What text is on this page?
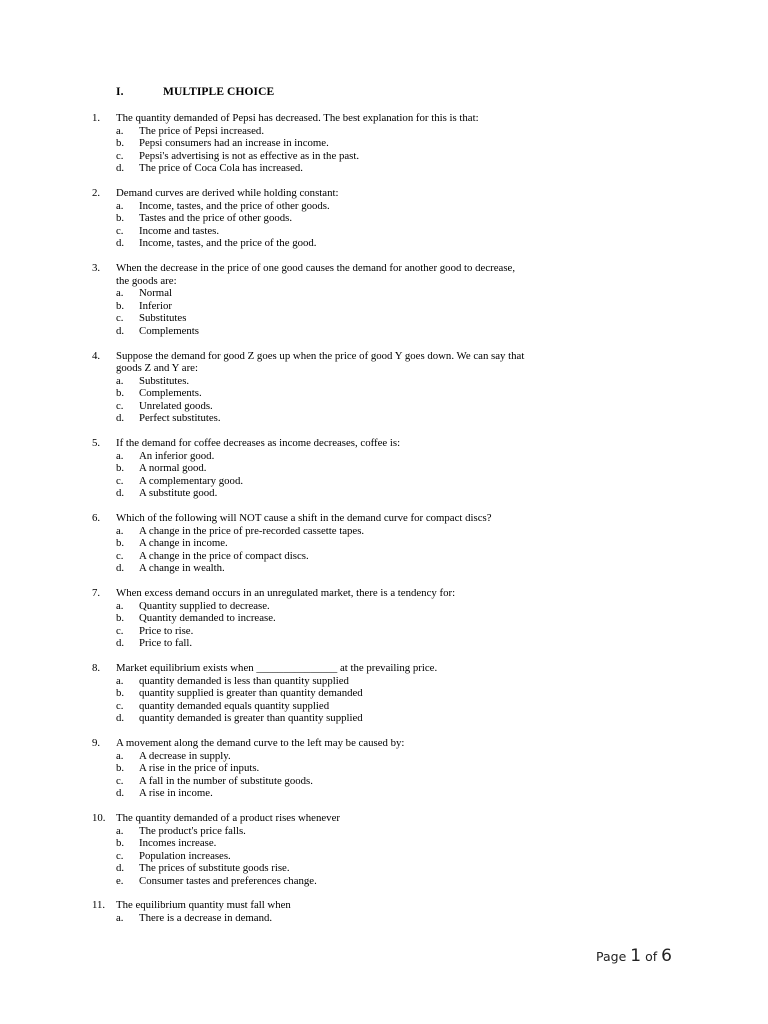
I.	MULTIPLE CHOICE
1. The quantity demanded of Pepsi has decreased. The best explanation for this is that:
a. The price of Pepsi increased.
b. Pepsi consumers had an increase in income.
c. Pepsi's advertising is not as effective as in the past.
d. The price of Coca Cola has increased.
2. Demand curves are derived while holding constant:
a. Income, tastes, and the price of other goods.
b. Tastes and the price of other goods.
c. Income and tastes.
d. Income, tastes, and the price of the good.
3. When the decrease in the price of one good causes the demand for another good to decrease, the goods are:
a. Normal
b. Inferior
c. Substitutes
d. Complements
4. Suppose the demand for good Z goes up when the price of good Y goes down. We can say that goods Z and Y are:
a. Substitutes.
b. Complements.
c. Unrelated goods.
d. Perfect substitutes.
5. If the demand for coffee decreases as income decreases, coffee is:
a. An inferior good.
b. A normal good.
c. A complementary good.
d. A substitute good.
6. Which of the following will NOT cause a shift in the demand curve for compact discs?
a. A change in the price of pre-recorded cassette tapes.
b. A change in income.
c. A change in the price of compact discs.
d. A change in wealth.
7. When excess demand occurs in an unregulated market, there is a tendency for:
a. Quantity supplied to decrease.
b. Quantity demanded to increase.
c. Price to rise.
d. Price to fall.
8. Market equilibrium exists when _______________ at the prevailing price.
a. quantity demanded is less than quantity supplied
b. quantity supplied is greater than quantity demanded
c. quantity demanded equals quantity supplied
d. quantity demanded is greater than quantity supplied
9. A movement along the demand curve to the left may be caused by:
a. A decrease in supply.
b. A rise in the price of inputs.
c. A fall in the number of substitute goods.
d. A rise in income.
10. The quantity demanded of a product rises whenever
a. The product's price falls.
b. Incomes increase.
c. Population increases.
d. The prices of substitute goods rise.
e. Consumer tastes and preferences change.
11. The equilibrium quantity must fall when
a. There is a decrease in demand.
Page 1 of 6
